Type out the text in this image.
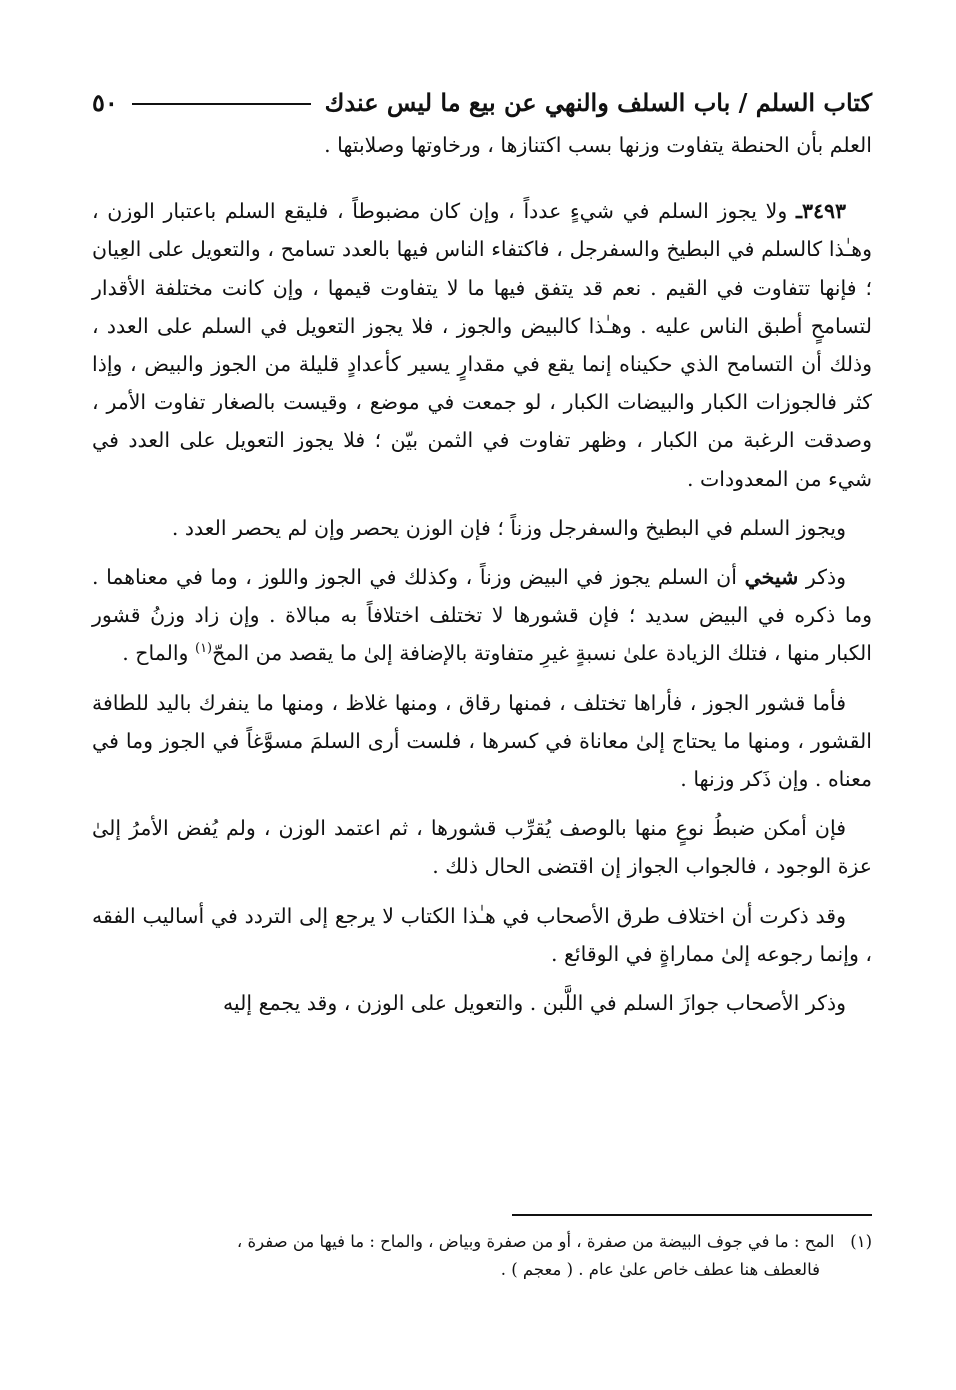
كتاب السلم / باب السلف والنهي عن بيع ما ليس عندك
٥٠

العلم بأن الحنطة يتفاوت وزنها بسب اكتنازها ، ورخاوتها وصلابتها .

٣٤٩٣ـ ولا يجوز السلم في شيءٍ عدداً ، وإن كان مضبوطاً ، فليقع السلم باعتبار الوزن ، وهـٰذا كالسلم في البطيخ والسفرجل ، فاكتفاء الناس فيها بالعدد تسامح ، والتعويل على العِيان ؛ فإنها تتفاوت في القيم . نعم قد يتفق فيها ما لا يتفاوت قيمها ، وإن كانت مختلفة الأقدار لتسامحٍ أطبق الناس عليه . وهـٰذا كالبيض والجوز ، فلا يجوز التعويل في السلم على العدد ، وذلك أن التسامح الذي حكيناه إنما يقع في مقدارٍ يسير كأعدادٍ قليلة من الجوز والبيض ، وإذا كثر فالجوزات الكبار والبيضات الكبار ، لو جمعت في موضع ، وقيست بالصغار تفاوت الأمر ، وصدقت الرغبة من الكبار ، وظهر تفاوت في الثمن بيّن ؛ فلا يجوز التعويل على العدد في شيء من المعدودات .

ويجوز السلم في البطيخ والسفرجل وزناً ؛ فإن الوزن يحصر وإن لم يحصر العدد .

وذكر شيخي أن السلم يجوز في البيض وزناً ، وكذلك في الجوز واللوز ، وما في معناهما . وما ذكره في البيض سديد ؛ فإن قشورها لا تختلف اختلافاً به مبالاة . وإن زاد وزنُ قشور الكبار منها ، فتلك الزيادة علىٰ نسبةٍ غيرِ متفاوتة بالإضافة إلىٰ ما يقصد من المحّ$^{(١)}$ والماح .

فأما قشور الجوز ، فأراها تختلف ، فمنها رقاق ، ومنها غلاظ ، ومنها ما ينفرك باليد للطافة القشور ، ومنها ما يحتاج إلىٰ معاناة في كسرها ، فلست أرى السلمَ مسوَّغاً في الجوز وما في معناه . وإن ذَكر وزنها .

فإن أمكن ضبطُ نوعٍ منها بالوصف يُقرِّب قشورها ، ثم اعتمد الوزن ، ولم يُفض الأمرُ إلىٰ عزة الوجود ، فالجواب الجواز إن اقتضى الحال ذلك .

وقد ذكرت أن اختلاف طرق الأصحاب في هـٰذا الكتاب لا يرجع إلى التردد في أساليب الفقه ، وإنما رجوعه إلىٰ مماراةٍ في الوقائع .

وذكر الأصحاب جوازَ السلم في اللَّبن . والتعويل على الوزن ، وقد يجمع إليه

(١)   المح : ما في جوف البيضة من صفرة ، أو من صفرة وبياض ، والماح : ما فيها من صفرة ،
فالعطف هنا عطف خاص علىٰ عام . ( معجم ) .
